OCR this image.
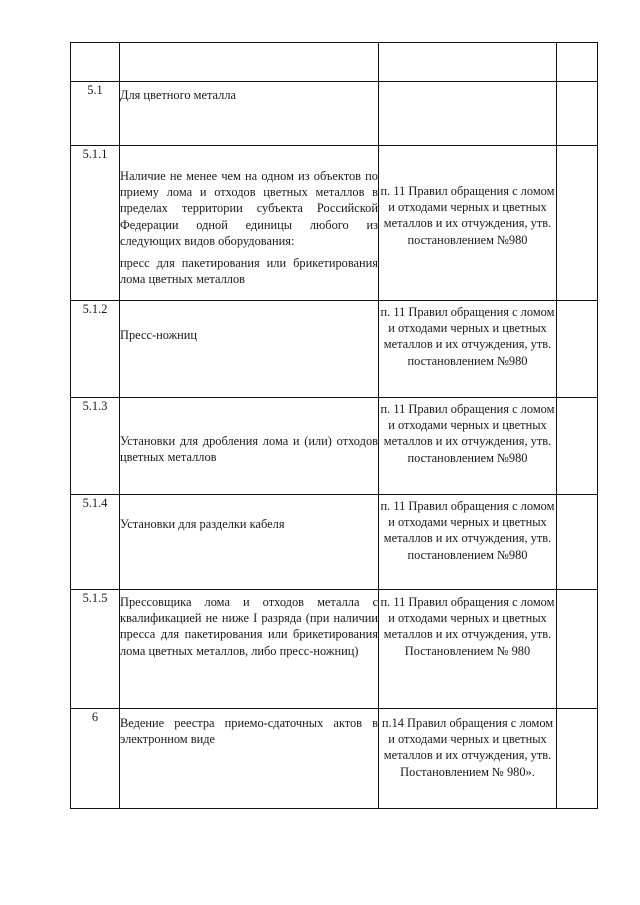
5.1	Для цветного металла		

5.1.1	Наличие не менее чем на одном из объектов по приему лома и отходов цветных металлов в пределах территории субъекта Российской Федерации одной единицы любого из следующих видов оборудования:

пресс для пакетирования или брикетирования лома цветных металлов	п. 11 Правил обращения с ломом и отходами черных и цветных металлов и их отчуждения, утв. постановлением №980	
5.1.2	Пресс-ножниц	п. 11 Правил обращения с ломом и отходами черных и цветных металлов и их отчуждения, утв. постановлением №980	
5.1.3	Установки для дробления лома и (или) отходов цветных металлов	п. 11 Правил обращения с ломом и отходами черных и цветных металлов и их отчуждения, утв. постановлением №980	
5.1.4	Установки для разделки кабеля	п. 11 Правил обращения с ломом и отходами черных и цветных металлов и их отчуждения, утв. постановлением №980	
5.1.5	Прессовщика лома и отходов металла с квалификацией не ниже I разряда (при наличии пресса для пакетирования или брикетирования лома цветных металлов, либо пресс-ножниц)	п. 11 Правил обращения с ломом и отходами черных и цветных металлов и их отчуждения, утв. Постановлением № 980	
6	Ведение реестра приемо-сдаточных актов в электронном виде	п.14 Правил обращения с ломом и отходами черных и цветных металлов и их отчуждения, утв. Постановлением № 980».	
